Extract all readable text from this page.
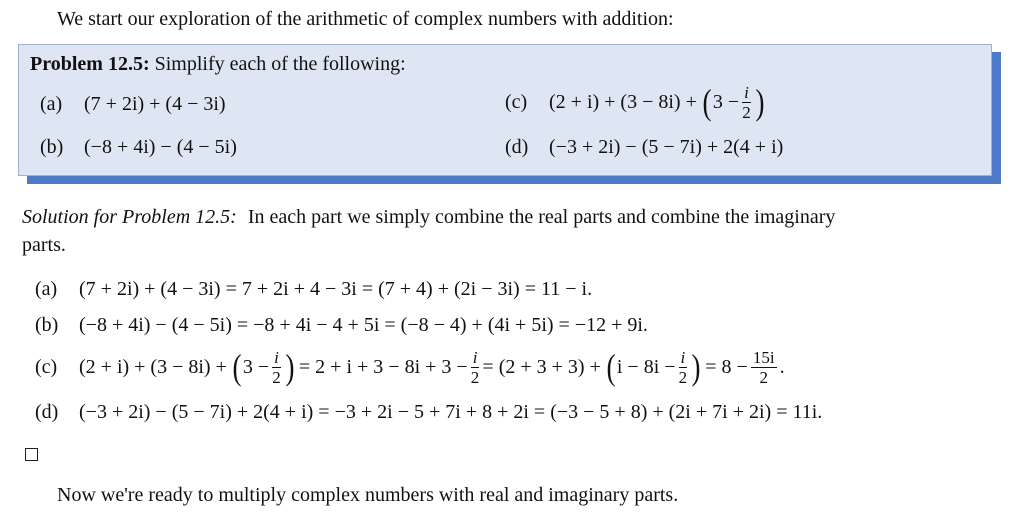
We start our exploration of the arithmetic of complex numbers with addition:
Problem 12.5: Simplify each of the following:
(a) (7 + 2i) + (4 − 3i)
(b) (−8 + 4i) − (4 − 5i)
(c)	(2 + i) + (3 − 8i) + ( $3 - \frac{i}{2}$ )
(d) (−3 + 2i) − (5 − 7i) + 2(4 + i)
Solution for Problem 12.5: In each part we simply combine the real parts and combine the imaginary
parts.
(a) (7 + 2i) + (4 − 3i) = 7 + 2i + 4 − 3i = (7 + 4) + (2i − 3i) = 11 − i.
(b) (−8 + 4i) − (4 − 5i) = −8 + 4i − 4 + 5i = (−8 − 4) + (4i + 5i) = −12 + 9i.
(c)	(2 + i) + (3 − 8i) + ( $3 - \frac{i}{2}$ ) = $2 + i + 3 - 8i + 3 - \frac{i}{2} = (2 + 3 + 3)$ + ( $i - 8i - \frac{i}{2}$ ) = $8 - \frac{15i}{2}$ .
(d) (−3 + 2i) − (5 − 7i) + 2(4 + i) = −3 + 2i − 5 + 7i + 8 + 2i = (−3 − 5 + 8) + (2i + 7i + 2i) = 11i.
Now we're ready to multiply complex numbers with real and imaginary parts.
